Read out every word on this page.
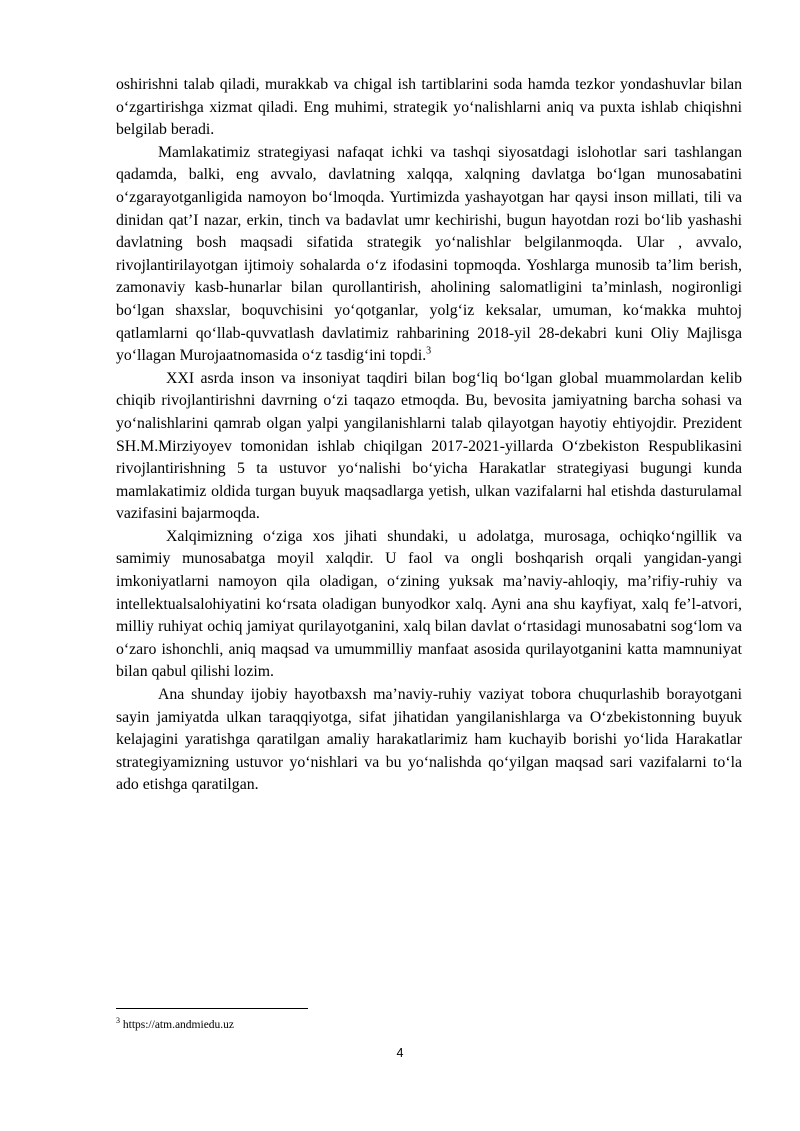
oshirishni talab qiladi, murakkab va chigal ish tartiblarini soda hamda tezkor yondashuvlar bilan o‘zgartirishga xizmat qiladi. Eng muhimi, strategik yo‘nalishlarni aniq va puxta ishlab chiqishni belgilab beradi.

Mamlakatimiz strategiyasi nafaqat ichki va tashqi siyosatdagi islohotlar sari tashlangan qadamda, balki, eng avvalo, davlatning xalqqa, xalqning davlatga bo‘lgan munosabatini o‘zgarayotganligida namoyon bo‘lmoqda. Yurtimizda yashayotgan har qaysi inson millati, tili va dinidan qat’I nazar, erkin, tinch va badavlat umr kechirishi, bugun hayotdan rozi bo‘lib yashashi davlatning bosh maqsadi sifatida strategik yo‘nalishlar belgilanmoqda. Ular , avvalo, rivojlantirilayotgan ijtimoiy sohalarda o‘z ifodasini topmoqda. Yoshlarga munosib ta’lim berish, zamonaviy kasb-hunarlar bilan qurollantirish, aholining salomatligini ta’minlash, nogironligi bo‘lgan shaxslar, boquvchisini yo‘qotganlar, yolg‘iz keksalar, umuman, ko‘makka muhtoj qatlamlarni qo‘llab-quvvatlash davlatimiz rahbarining 2018-yil 28-dekabri kuni Oliy Majlisga yo‘llagan Murojaatnomasida o‘z tasdig‘ini topdi.$^3$

XXI asrda inson va insoniyat taqdiri bilan bog‘liq bo‘lgan global muammolardan kelib chiqib rivojlantirishni davrning o‘zi taqazo etmoqda. Bu, bevosita jamiyatning barcha sohasi va yo‘nalishlarini qamrab olgan yalpi yangilanishlarni talab qilayotgan hayotiy ehtiyojdir. Prezident SH.M.Mirziyoyev tomonidan ishlab chiqilgan 2017-2021-yillarda O‘zbekiston Respublikasini rivojlantirishning 5 ta ustuvor yo‘nalishi bo‘yicha Harakatlar strategiyasi bugungi kunda mamlakatimiz oldida turgan buyuk maqsadlarga yetish, ulkan vazifalarni hal etishda dasturulamal vazifasini bajarmoqda.

Xalqimizning o‘ziga xos jihati shundaki, u adolatga, murosaga, ochiqko‘ngillik va samimiy munosabatga moyil xalqdir. U faol va ongli boshqarish orqali yangidan-yangi imkoniyatlarni namoyon qila oladigan, o‘zining yuksak ma’naviy-ahloqiy, ma’rifiy-ruhiy va intellektualsalohiyatini ko‘rsata oladigan bunyodkor xalq. Ayni ana shu kayfiyat, xalq fe’l-atvori, milliy ruhiyat ochiq jamiyat qurilayotganini, xalq bilan davlat o‘rtasidagi munosabatni sog‘lom va o‘zaro ishonchli, aniq maqsad va umummilliy manfaat asosida qurilayotganini katta mamnuniyat bilan qabul qilishi lozim.

Ana shunday ijobiy hayotbaxsh ma’naviy-ruhiy vaziyat tobora chuqurlashib borayotgani sayin jamiyatda ulkan taraqqiyotga, sifat jihatidan yangilanishlarga va O‘zbekistonning buyuk kelajagini yaratishga qaratilgan amaliy harakatlarimiz ham kuchayib borishi yo‘lida Harakatlar strategiyamizning ustuvor yo‘nishlari va bu yo‘nalishda qo‘yilgan maqsad sari vazifalarni to‘la ado etishga qaratilgan.

$^3$ https://atm.andmiedu.uz
4
